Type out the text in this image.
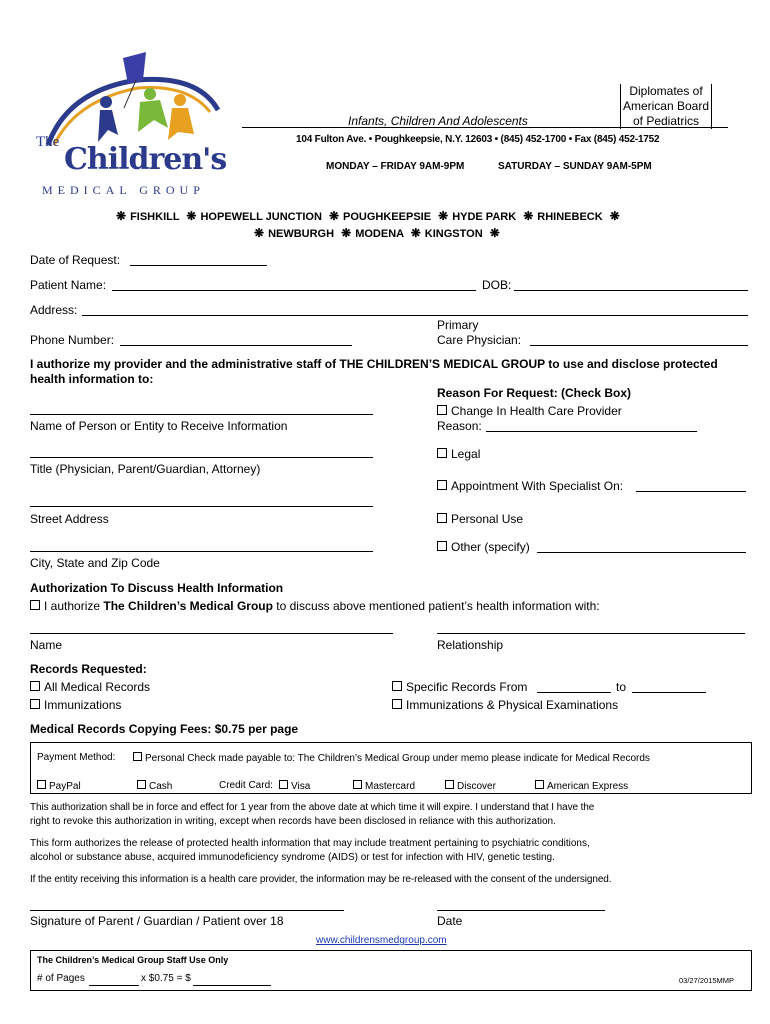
The Children's
MEDICAL GROUP
Infants, Children And Adolescents
Diplomates of
American Board
of Pediatrics
104 Fulton Ave. • Poughkeepsie, N.Y. 12603 • (845) 452-1700 • Fax (845) 452-1752
MONDAY – FRIDAY 9AM-9PM	SATURDAY – SUNDAY 9AM-5PM
❋ FISHKILL ❋ HOPEWELL JUNCTION ❋ POUGHKEEPSIE ❋ HYDE PARK ❋ RHINEBECK ❋
❋ NEWBURGH ❋ MODENA ❋ KINGSTON ❋
Date of Request:
Patient Name:	DOB:
Address:
Primary
Care Physician:
Phone Number:
I authorize my provider and the administrative staff of THE CHILDREN’S MEDICAL GROUP to use and disclose protected
health information to:
Name of Person or Entity to Receive Information
Title (Physician, Parent/Guardian, Attorney)
Street Address
City, State and Zip Code
Reason For Request: (Check Box)
Change In Health Care Provider
Reason:
Legal
Appointment With Specialist On:
Personal Use
Other (specify)
Authorization To Discuss Health Information
I authorize The Children’s Medical Group to discuss above mentioned patient’s health information with:
Name	Relationship
Records Requested:
All Medical Records
Immunizations
Specific Records From	to
Immunizations & Physical Examinations
Medical Records Copying Fees: $0.75 per page
Payment Method:	Personal Check made payable to: The Children’s Medical Group under memo please indicate for Medical Records
PayPal	Cash	Credit Card:	Visa	Mastercard	Discover	American Express
This authorization shall be in force and effect for 1 year from the above date at which time it will expire. I understand that I have the
right to revoke this authorization in writing, except when records have been disclosed in reliance with this authorization.
This form authorizes the release of protected health information that may include treatment pertaining to psychiatric conditions,
alcohol or substance abuse, acquired immunodeficiency syndrome (AIDS) or test for infection with HIV, genetic testing.
If the entity receiving this information is a health care provider, the information may be re-released with the consent of the undersigned.
Signature of Parent / Guardian / Patient over 18	Date
www.childrensmedgroup.com
The Children’s Medical Group Staff Use Only
# of Pages	x $0.75 = $	03/27/2015MMP
